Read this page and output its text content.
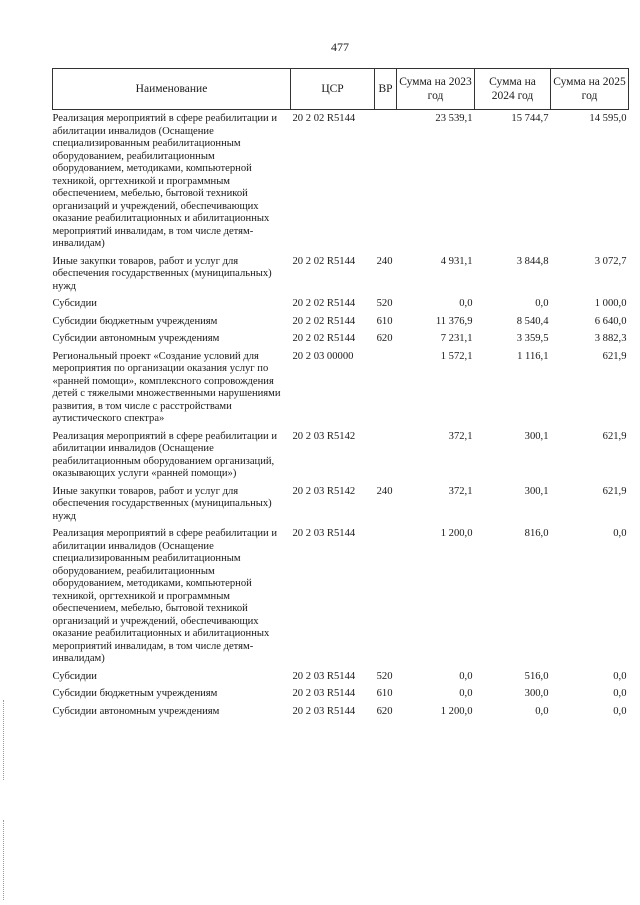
477
Наименование	ЦСР	ВР	Сумма на 2023 год	Сумма на 2024 год	Сумма на 2025 год
Реализация мероприятий в сфере реабилитации и абилитации инвалидов (Оснащение специализированным реабилитационным оборудованием, реабилитационным оборудованием, методиками, компьютерной техникой, оргтехникой и программным обеспечением, мебелью, бытовой техникой организаций и учреждений, обеспечивающих оказание реабилитационных и абилитационных мероприятий инвалидам, в том числе детям-инвалидам)	20 2 02 R5144		23 539,1	15 744,7	14 595,0
Иные закупки товаров, работ и услуг для обеспечения государственных (муниципальных) нужд	20 2 02 R5144	240	4 931,1	3 844,8	3 072,7
Субсидии	20 2 02 R5144	520	0,0	0,0	1 000,0
Субсидии бюджетным учреждениям	20 2 02 R5144	610	11 376,9	8 540,4	6 640,0
Субсидии автономным учреждениям	20 2 02 R5144	620	7 231,1	3 359,5	3 882,3
Региональный проект «Создание условий для мероприятия по организации оказания услуг по «ранней помощи», комплексного сопровождения детей с тяжелыми множественными нарушениями развития, в том числе с расстройствами аутистического спектра»	20 2 03 00000		1 572,1	1 116,1	621,9
Реализация мероприятий в сфере реабилитации и абилитации инвалидов (Оснащение реабилитационным оборудованием организаций, оказывающих услуги «ранней помощи»)	20 2 03 R5142		372,1	300,1	621,9
Иные закупки товаров, работ и услуг для обеспечения государственных (муниципальных) нужд	20 2 03 R5142	240	372,1	300,1	621,9
Реализация мероприятий в сфере реабилитации и абилитации инвалидов (Оснащение специализированным реабилитационным оборудованием, реабилитационным оборудованием, методиками, компьютерной техникой, оргтехникой и программным обеспечением, мебелью, бытовой техникой организаций и учреждений, обеспечивающих оказание реабилитационных и абилитационных мероприятий инвалидам, в том числе детям-инвалидам)	20 2 03 R5144		1 200,0	816,0	0,0
Субсидии	20 2 03 R5144	520	0,0	516,0	0,0
Субсидии бюджетным учреждениям	20 2 03 R5144	610	0,0	300,0	0,0
Субсидии автономным учреждениям	20 2 03 R5144	620	1 200,0	0,0	0,0
